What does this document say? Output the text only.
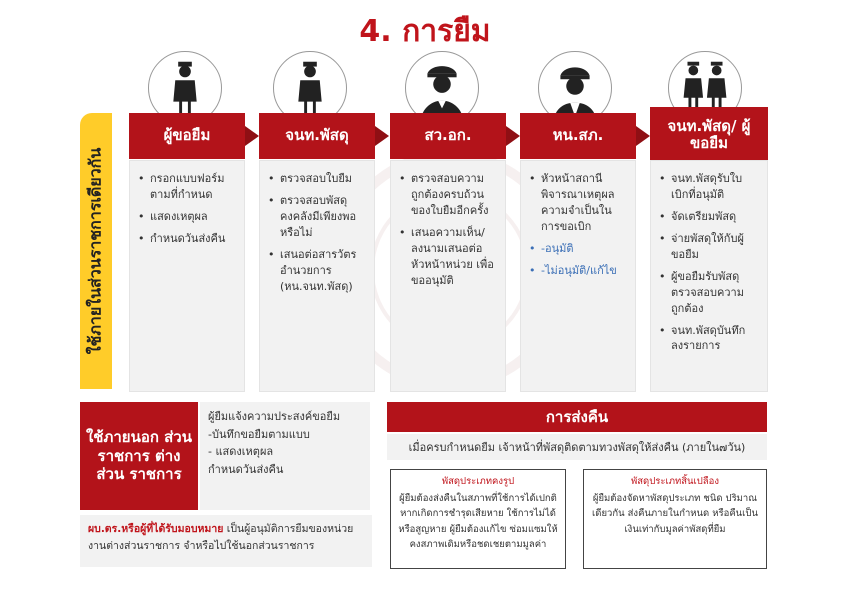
4. การยืม
ใช้ภายในส่วนราชการเดียวกัน
ผู้ขอยืม	จนท.พัสดุ	สว.อก.	หน.สภ.
จนท.พัสดุ/ ผู้ขอยืม
• กรอกแบบฟอร์ม ตามที่กำหนด
• แสดงเหตุผล
• กำหนดวันส่งคืน
• ตรวจสอบใบยืม
• ตรวจสอบพัสดุ คงคลังมีเพียงพอ หรือไม่
• เสนอต่อสารวัตร อำนวยการ (หน.จนท.พัสดุ)
• ตรวจสอบความ ถูกต้องครบถ้วน ของใบยืมอีกครั้ง
• เสนอความเห็น/ ลงนามเสนอต่อ หัวหน้าหน่วย เพื่อขออนุมัติ
• หัวหน้าสถานี พิจารณาเหตุผล ความจำเป็นใน การขอเบิก
• -อนุมัติ
• -ไม่อนุมัติ/แก้ไข
• จนท.พัสดุรับใบ เบิกที่อนุมัติ
• จัดเตรียมพัสดุ
• จ่ายพัสดุให้กับผู้ ขอยืม
• ผู้ขอยืมรับพัสดุ ตรวจสอบความ ถูกต้อง
• จนท.พัสดุบันทึก ลงรายการ
ใช้ภายนอก ส่วนราชการ ต่างส่วน ราชการ
ผู้ยืมแจ้งความประสงค์ขอยืม
-บันทึกขอยืมตามแบบ
- แสดงเหตุผล
กำหนดวันส่งคืน
ผบ.ตร.หรือผู้ที่ได้รับมอบหมาย เป็นผู้อนุมัติการยืมของหน่วยงานต่างส่วนราชการ จำหรือไปใช้นอกส่วนราชการ
การส่งคืน
เมื่อครบกำหนดยืม เจ้าหน้าที่พัสดุติดตามทวงพัสดุให้ส่งคืน (ภายใน๗วัน)
พัสดุประเภทคงรูป
ผู้ยืมต้องส่งคืนในสภาพที่ใช้การได้เปกติ หากเกิดการชำรุดเสียหาย ใช้การไม่ได้ หรือสูญหาย ผู้ยืมต้องแก้ไข ซ่อมแซมให้คงสภาพเดิมหรือชดเชยตามมูลค่า
พัสดุประเภทสิ้นเปลือง
ผู้ยืมต้องจัดหาพัสดุประเภท ชนิด ปริมาณ เดียวกัน ส่งคืนภายในกำหนด หรือคืนเป็นเงินเท่ากับมูลค่าพัสดุที่ยืม
